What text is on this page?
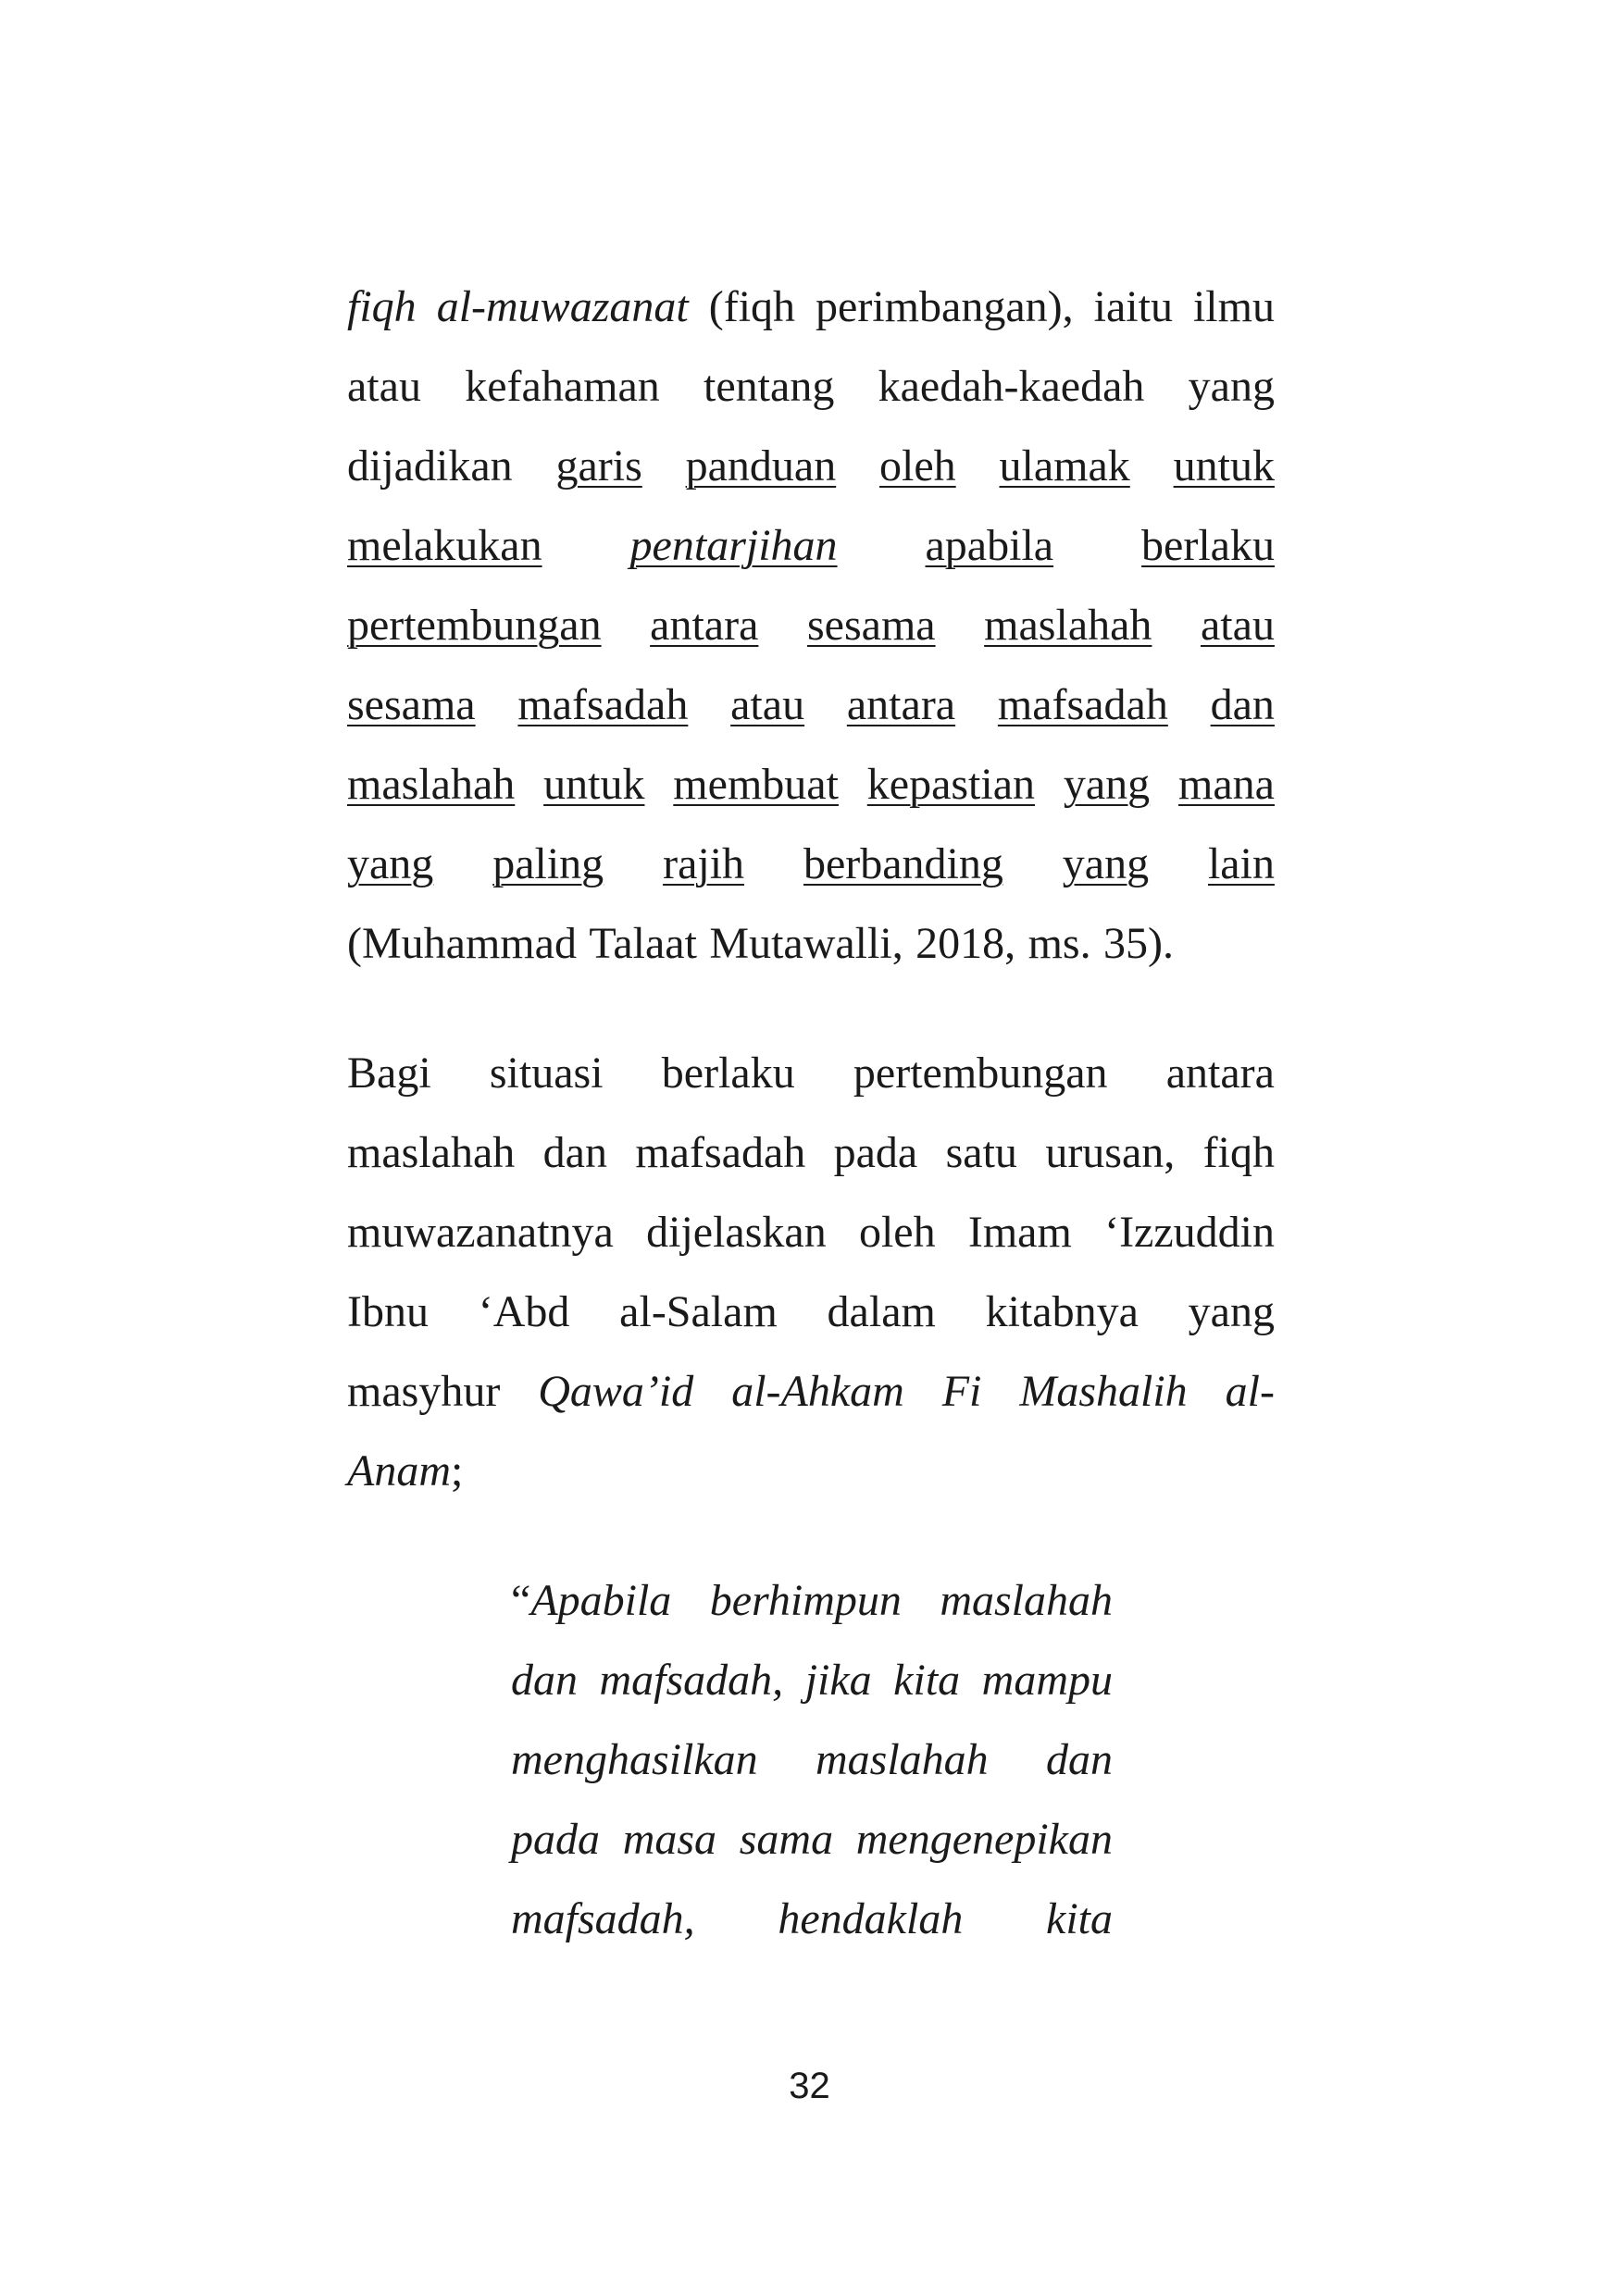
fiqh al-muwazanat (fiqh perimbangan), iaitu ilmu
atau kefahaman tentang kaedah-kaedah yang
dijadikan garis panduan oleh ulamak untuk
melakukan pentarjihan apabila berlaku
pertembungan antara sesama maslahah atau
sesama mafsadah atau antara mafsadah dan
maslahah untuk membuat kepastian yang mana
yang paling rajih berbanding yang lain
(Muhammad Talaat Mutawalli, 2018, ms. 35).
Bagi situasi berlaku pertembungan antara
maslahah dan mafsadah pada satu urusan, fiqh
muwazanatnya dijelaskan oleh Imam ‘Izzuddin
Ibnu ‘Abd al-Salam dalam kitabnya yang
masyhur Qawa’id al-Ahkam Fi Mashalih al-
Anam;
“Apabila berhimpun maslahah
dan mafsadah, jika kita mampu
menghasilkan maslahah dan
pada masa sama mengenepikan
mafsadah, hendaklah kita
32
